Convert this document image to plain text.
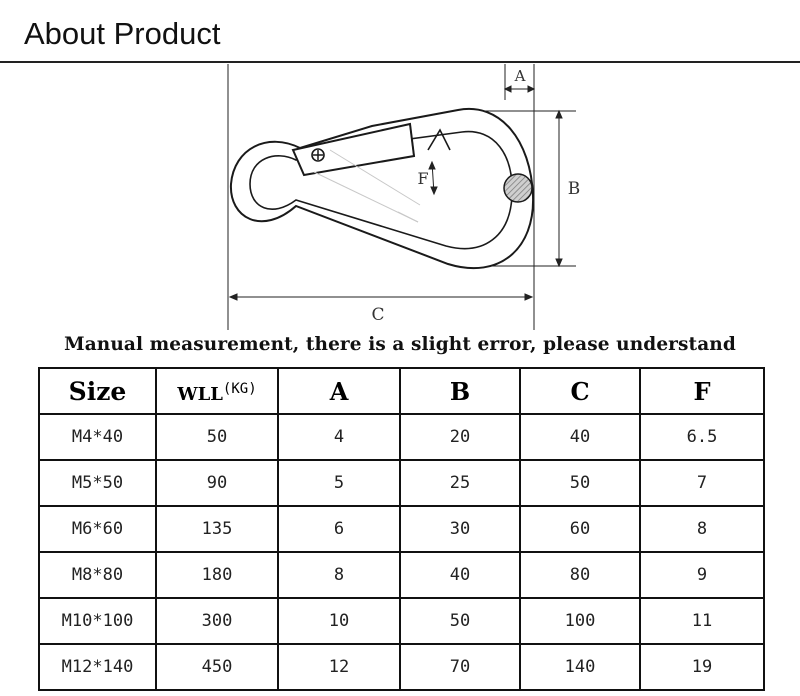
About Product
A
B
C
F
Manual measurement, there is a slight error, please understand
Size	$WLL^{(KG)}$	A	B	C	F
M4*40	50	4	20	40	6.5
M5*50	90	5	25	50	7
M6*60	135	6	30	60	8
M8*80	180	8	40	80	9
M10*100	300	10	50	100	11
M12*140	450	12	70	140	19
